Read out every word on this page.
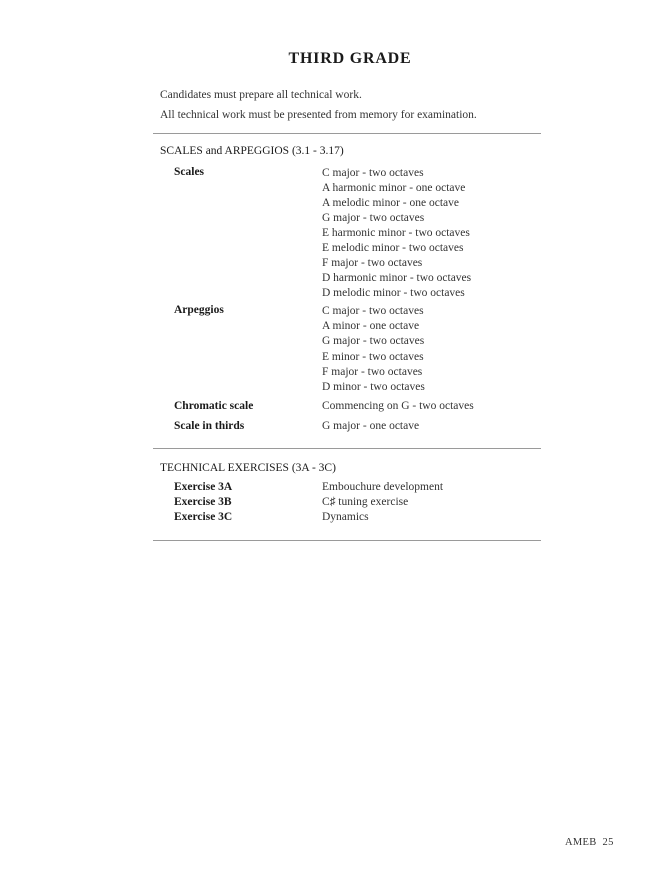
THIRD GRADE
Candidates must prepare all technical work.
All technical work must be presented from memory for examination.
SCALES and ARPEGGIOS (3.1 - 3.17)
Scales	C major - two octaves
A harmonic minor - one octave
A melodic minor - one octave
G major - two octaves
E harmonic minor - two octaves
E melodic minor - two octaves
F major - two octaves
D harmonic minor - two octaves
D melodic minor - two octaves
Arpeggios	C major - two octaves
A minor - one octave
G major - two octaves
E minor - two octaves
F major - two octaves
D minor - two octaves
Chromatic scale	Commencing on G - two octaves
Scale in thirds	G major - one octave
TECHNICAL EXERCISES (3A - 3C)
Exercise 3A	Embouchure development
Exercise 3B	C♯ tuning exercise
Exercise 3C	Dynamics
AMEB 25
